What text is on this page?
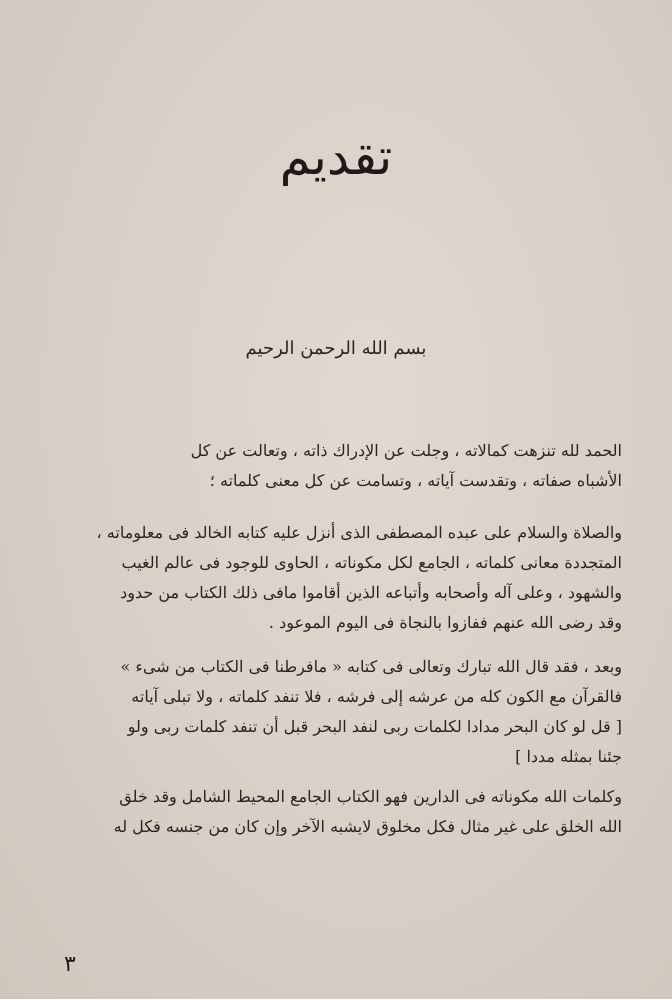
تقديم
بسم الله الرحمن الرحيم

الحمد لله تنزهت كمالاته ، وجلت عن الإدراك ذاته ، وتعالت عن كل
الأشباه صفاته ، وتقدست آياته ، وتسامت عن كل معنى كلماته ؛

والصلاة والسلام على عبده المصطفى الذى أنزل عليه كتابه الخالد فى معلوماته ،
المتجددة معانى كلماته ، الجامع لكل مكوناته ، الحاوى للوجود فى عالم الغيب
والشهود ، وعلى آله وأصحابه وأتباعه الذين أقاموا مافى ذلك الكتاب من حدود
وقد رضى الله عنهم ففازوا بالنجاة فى اليوم الموعود .

وبعد ، فقد قال الله تبارك وتعالى فى كتابه « مافرطنا فى الكتاب من شىء »
فالقرآن مع الكون كله من عرشه إلى فرشه ، فلا تنفد كلماته ، ولا تبلى آياته
[ قل لو كان البحر مدادا لكلمات ربى لنفد البحر قبل أن تنفد كلمات ربى ولو
جئنا بمثله مددا ]

وكلمات الله مكوناته فى الدارين فهو الكتاب الجامع المحيط الشامل وقد خلق
الله الخلق على غير مثال فكل مخلوق لايشبه الآخر وإن كان من جنسه فكل له

٣
